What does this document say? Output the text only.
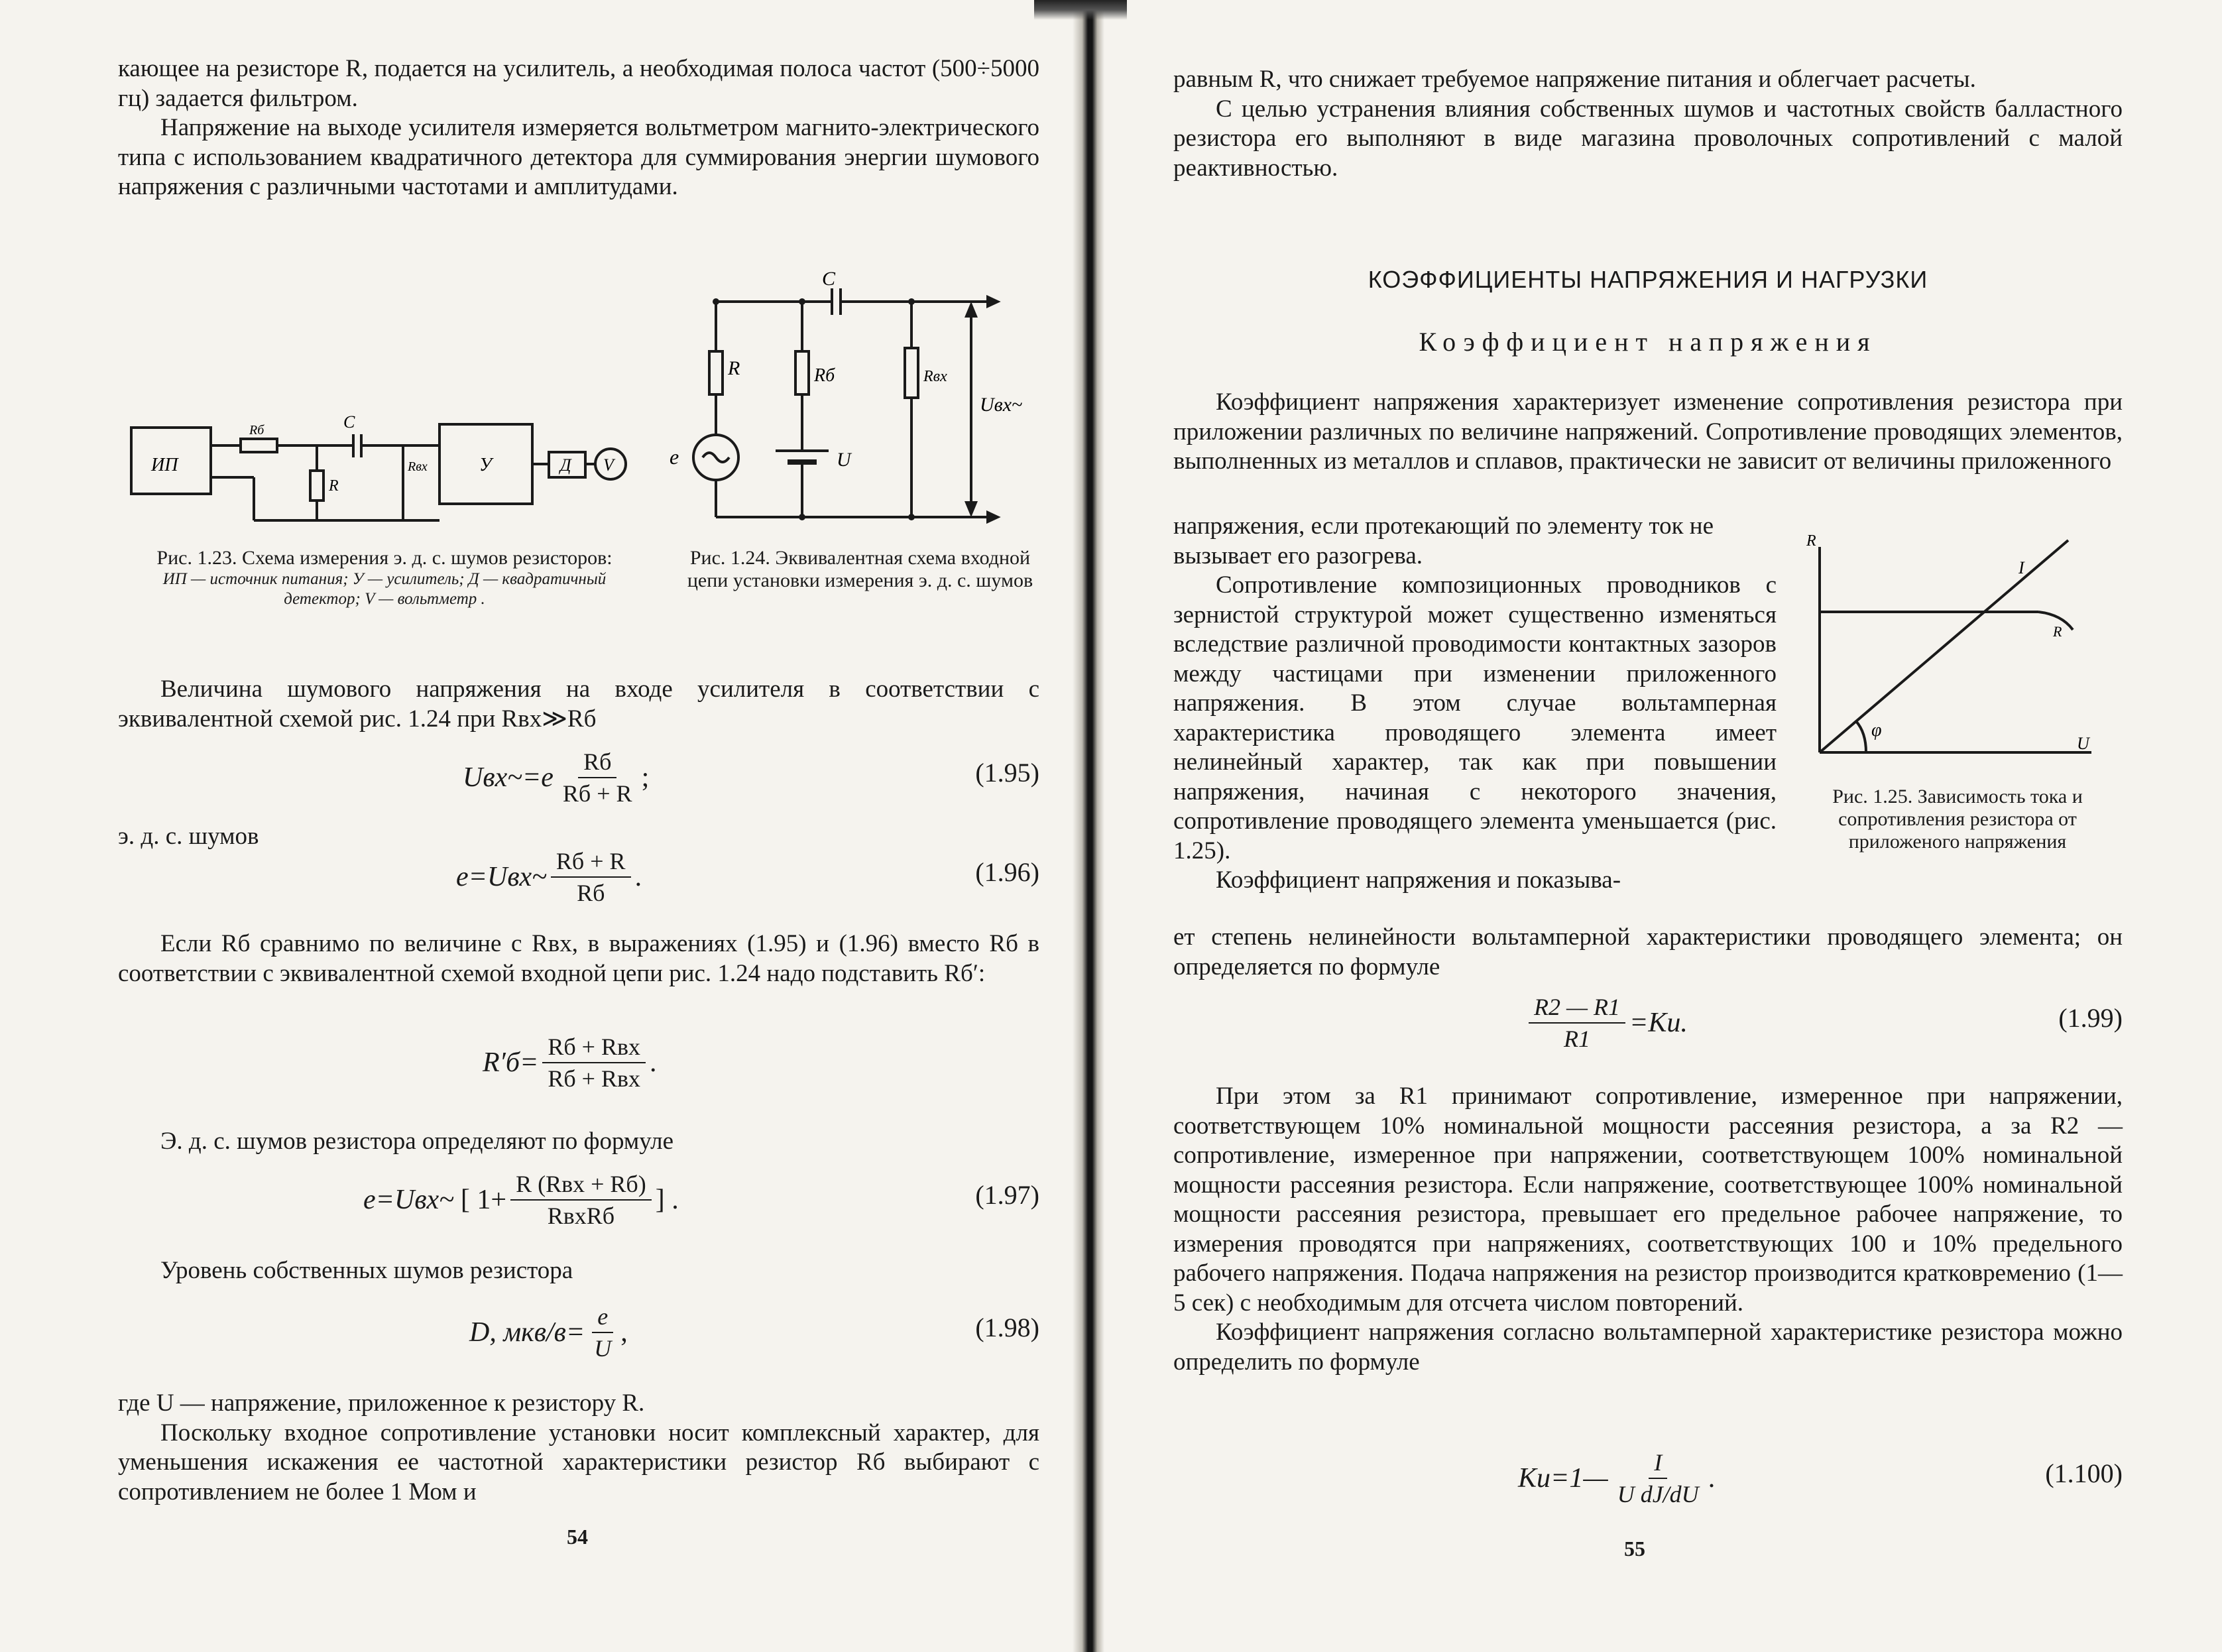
кающее на резисторе R, подается на усилитель, а необходимая полоса частот (500÷5000 гц) задается фильтром.

Напряжение на выходе усилителя измеряется вольтметром магнито-электрического типа с использованием квадратичного детектора для суммирования энергии шумового напряжения с различными частотами и амплитудами.

ИП
Rб	C
R
Rвх	У	Д V
C
R	Rб	Rвх
Uвх~
e	U

Рис. 1.23. Схема измерения э. д. с. шумов резисторов:

ИП — источник питания; У — усилитель; Д — квадратичный детектор; V — вольтметр .

Рис. 1.24. Эквивалентная схема входной цепи установки измерения э. д. с. шумов

Величина шумового напряжения на входе усилителя в соответствии с эквивалентной схемой рис. 1.24 при Rвх≫Rб

Uвх~=e $\frac{Rб}{Rб + R}$ ;	(1.95)

э. д. с. шумов

e=Uвх~ $\frac{Rб + R}{Rб}$ .	(1.96)

Если Rб сравнимо по величине с Rвх, в выражениях (1.95) и (1.96) вместо Rб в соответствии с эквивалентной схемой входной цепи рис. 1.24 надо подставить Rб′:

$R'б= \frac{\text{Rб + Rвх}}{\text{Rб + Rвх}}$ .

Э. д. с. шумов резистора определяют по формуле

e=Uвх~ [ $1+ \frac{\text{R (Rвх + Rб)}}{\text{RвхRб}}$ ] .	(1.97)

Уровень собственных шумов резистора

D, $мкв/в= \frac{e}{U}$ ,	(1.98)

где U — напряжение, приложенное к резистору R.

Поскольку входное сопротивление установки носит комплексный характер, для уменьшения искажения ее частотной характеристики резистор Rб выбирают с сопротивлением не более 1 Мом и

54

равным R, что снижает требуемое напряжение питания и облегчает расчеты.

С целью устранения влияния собственных шумов и частотных свойств балластного резистора его выполняют в виде магазина проволочных сопротивлений с малой реактивностью.

КОЭФФИЦИЕНТЫ НАПРЯЖЕНИЯ И НАГРУЗКИ

Коэффициент напряжения

Коэффициент напряжения характеризует изменение сопротивления резистора при приложении различных по величине напряжений. Сопротивление проводящих элементов, выполненных из металлов и сплавов, практически не зависит от величины приложенного

напряжения, если протекающий по элементу ток не вызывает его разогрева.

Сопротивление композиционных проводников с зернистой структурой может существенно изменяться вследствие различной проводимости контактных зазоров между частицами при изменении приложенного напряжения. В этом случае вольтамперная характеристика проводящего элемента имеет нелинейный характер, так как при повышении напряжения, начиная с некоторого значения, сопротивление проводящего элемента уменьшается (рис. 1.25).

Коэффициент напряжения и показыва-

R
I
R
φ
U

Рис. 1.25. Зависимость тока и сопротивления резистора от приложеного напряжения

ет степень нелинейности вольтамперной характеристики проводящего элемента; он определяется по формуле

$\frac{R2 — R1}{R1} =Ku$.	(1.99)

При этом за R1 принимают сопротивление, измеренное при напряжении, соответствующем 10% номинальной мощности рассеяния резистора, а за R2 — сопротивление, измеренное при напряжении, соответствующем 100% номинальной мощности рассеяния резистора. Если напряжение, соответствующее 100% номинальной мощности рассеяния резистора, превышает его предельное рабочее напряжение, то измерения проводятся при напряжениях, соответствующих 100 и 10% предельного рабочего напряжения. Подача напряжения на резистор производится кратковременио (1—5 сек) с необходимым для отсчета числом повторений.

Коэффициент напряжения согласно вольтамперной характеристике резистора можно определить по формуле

Ku=1— $\frac{I}{\text{U dJ/dU}}$ .	(1.100)
55
